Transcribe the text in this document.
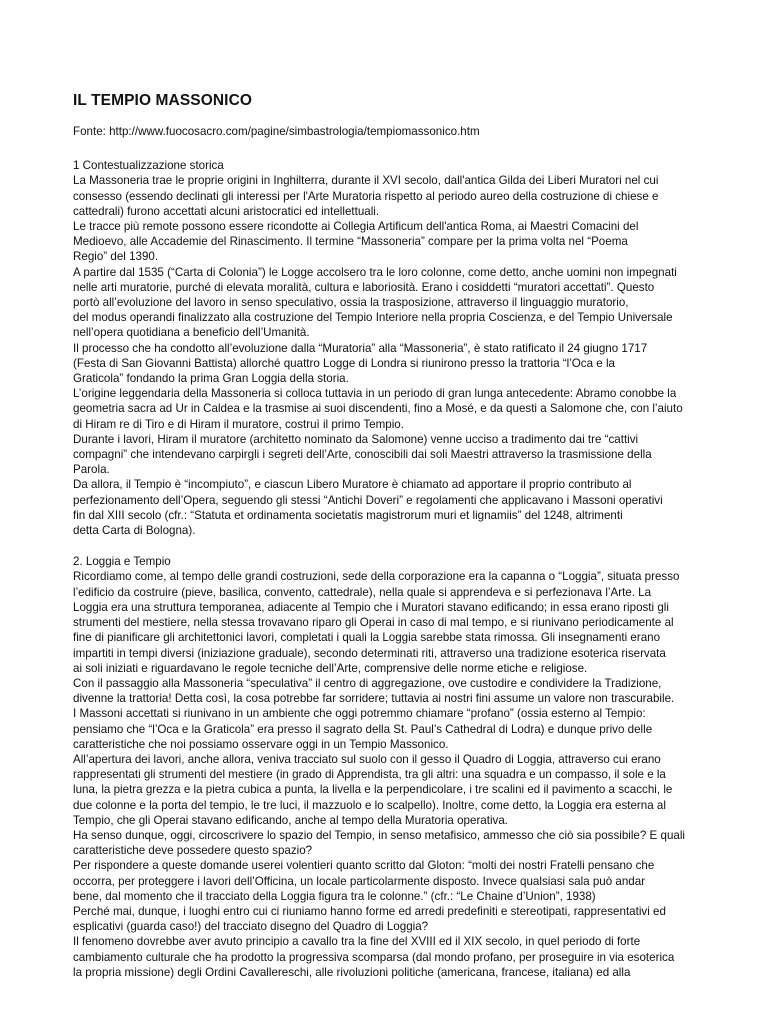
IL TEMPIO MASSONICO

Fonte: http://www.fuocosacro.com/pagine/simbastrologia/tempiomassonico.htm

1 Contestualizzazione storica
La Massoneria trae le proprie origini in Inghilterra, durante il XVI secolo, dall'antica Gilda dei Liberi Muratori nel cui
consesso (essendo declinati gli interessi per l'Arte Muratoria rispetto al periodo aureo della costruzione di chiese e
cattedrali) furono accettati alcuni aristocratici ed intellettuali.
Le tracce più remote possono essere ricondotte ai Collegia Artificum dell'antica Roma, ai Maestri Comacini del
Medioevo, alle Accademie del Rinascimento. Il termine “Massoneria” compare per la prima volta nel “Poema
Regio” del 1390.
A partire dal 1535 (“Carta di Colonia”) le Logge accolsero tra le loro colonne, come detto, anche uomini non impegnati
nelle arti muratorie, purché di elevata moralità, cultura e laboriosità. Erano i cosiddetti “muratori accettati”. Questo
portò all’evoluzione del lavoro in senso speculativo, ossia la trasposizione, attraverso il linguaggio muratorio,
del modus operandi finalizzato alla costruzione del Tempio Interiore nella propria Coscienza, e del Tempio Universale
nell’opera quotidiana a beneficio dell’Umanità.
Il processo che ha condotto all’evoluzione dalla “Muratoria” alla “Massoneria”, è stato ratificato il 24 giugno 1717
(Festa di San Giovanni Battista) allorché quattro Logge di Londra si riunirono presso la trattoria “l’Oca e la
Graticola” fondando la prima Gran Loggia della storia.
L’origine leggendaria della Massoneria si colloca tuttavia in un periodo di gran lunga antecedente: Abramo conobbe la
geometria sacra ad Ur in Caldea e la trasmise ai suoi discendenti, fino a Mosé, e da questi a Salomone che, con l’aiuto
di Hiram re di Tiro e di Hiram il muratore, costruì il primo Tempio.
Durante i lavori, Hiram il muratore (architetto nominato da Salomone) venne ucciso a tradimento dai tre “cattivi
compagni” che intendevano carpirgli i segreti dell’Arte, conoscibili dai soli Maestri attraverso la trasmissione della
Parola.
Da allora, il Tempio è “incompiuto”, e ciascun Libero Muratore è chiamato ad apportare il proprio contributo al
perfezionamento dell’Opera, seguendo gli stessi “Antichi Doveri” e regolamenti che applicavano i Massoni operativi
fin dal XIII secolo (cfr.: “Statuta et ordinamenta societatis magistrorum muri et lignamiis” del 1248, altrimenti
detta Carta di Bologna).
2. Loggia e Tempio
Ricordiamo come, al tempo delle grandi costruzioni, sede della corporazione era la capanna o “Loggia”, situata presso
l’edificio da costruire (pieve, basilica, convento, cattedrale), nella quale si apprendeva e si perfezionava l’Arte. La
Loggia era una struttura temporanea, adiacente al Tempio che i Muratori stavano edificando; in essa erano riposti gli
strumenti del mestiere, nella stessa trovavano riparo gli Operai in caso di mal tempo, e si riunivano periodicamente al
fine di pianificare gli architettonici lavori, completati i quali la Loggia sarebbe stata rimossa. Gli insegnamenti erano
impartiti in tempi diversi (iniziazione graduale), secondo determinati riti, attraverso una tradizione esoterica riservata
ai soli iniziati e riguardavano le regole tecniche dell’Arte, comprensive delle norme etiche e religiose.
Con il passaggio alla Massoneria “speculativa” il centro di aggregazione, ove custodire e condividere la Tradizione,
divenne la trattoria! Detta così, la cosa potrebbe far sorridere; tuttavia ai nostri fini assume un valore non trascurabile.
I Massoni accettati si riunivano in un ambiente che oggi potremmo chiamare “profano” (ossia esterno al Tempio:
pensiamo che “l’Oca e la Graticola” era presso il sagrato della St. Paul’s Cathedral di Lodra) e dunque privo delle
caratteristiche che noi possiamo osservare oggi in un Tempio Massonico.
All’apertura dei lavori, anche allora, veniva tracciato sul suolo con il gesso il Quadro di Loggia, attraverso cui erano
rappresentati gli strumenti del mestiere (in grado di Apprendista, tra gli altri: una squadra e un compasso, il sole e la
luna, la pietra grezza e la pietra cubica a punta, la livella e la perpendicolare, i tre scalini ed il pavimento a scacchi, le
due colonne e la porta del tempio, le tre luci, il mazzuolo e lo scalpello). Inoltre, come detto, la Loggia era esterna al
Tempio, che gli Operai stavano edificando, anche al tempo della Muratoria operativa.
Ha senso dunque, oggi, circoscrivere lo spazio del Tempio, in senso metafisico, ammesso che ciò sia possibile? E quali
caratteristiche deve possedere questo spazio?
Per rispondere a queste domande userei volentieri quanto scritto dal Gloton: “molti dei nostri Fratelli pensano che
occorra, per proteggere i lavori dell’Officina, un locale particolarmente disposto. Invece qualsiasi sala può andar
bene, dal momento che il tracciato della Loggia figura tra le colonne.” (cfr.: “Le Chaine d’Union”, 1938)
Perché mai, dunque, i luoghi entro cui ci riuniamo hanno forme ed arredi predefiniti e stereotipati, rappresentativi ed
esplicativi (guarda caso!) del tracciato disegno del Quadro di Loggia?
Il fenomeno dovrebbe aver avuto principio a cavallo tra la fine del XVIII ed il XIX secolo, in quel periodo di forte
cambiamento culturale che ha prodotto la progressiva scomparsa (dal mondo profano, per proseguire in via esoterica
la propria missione) degli Ordini Cavallereschi, alle rivoluzioni politiche (americana, francese, italiana) ed alla
